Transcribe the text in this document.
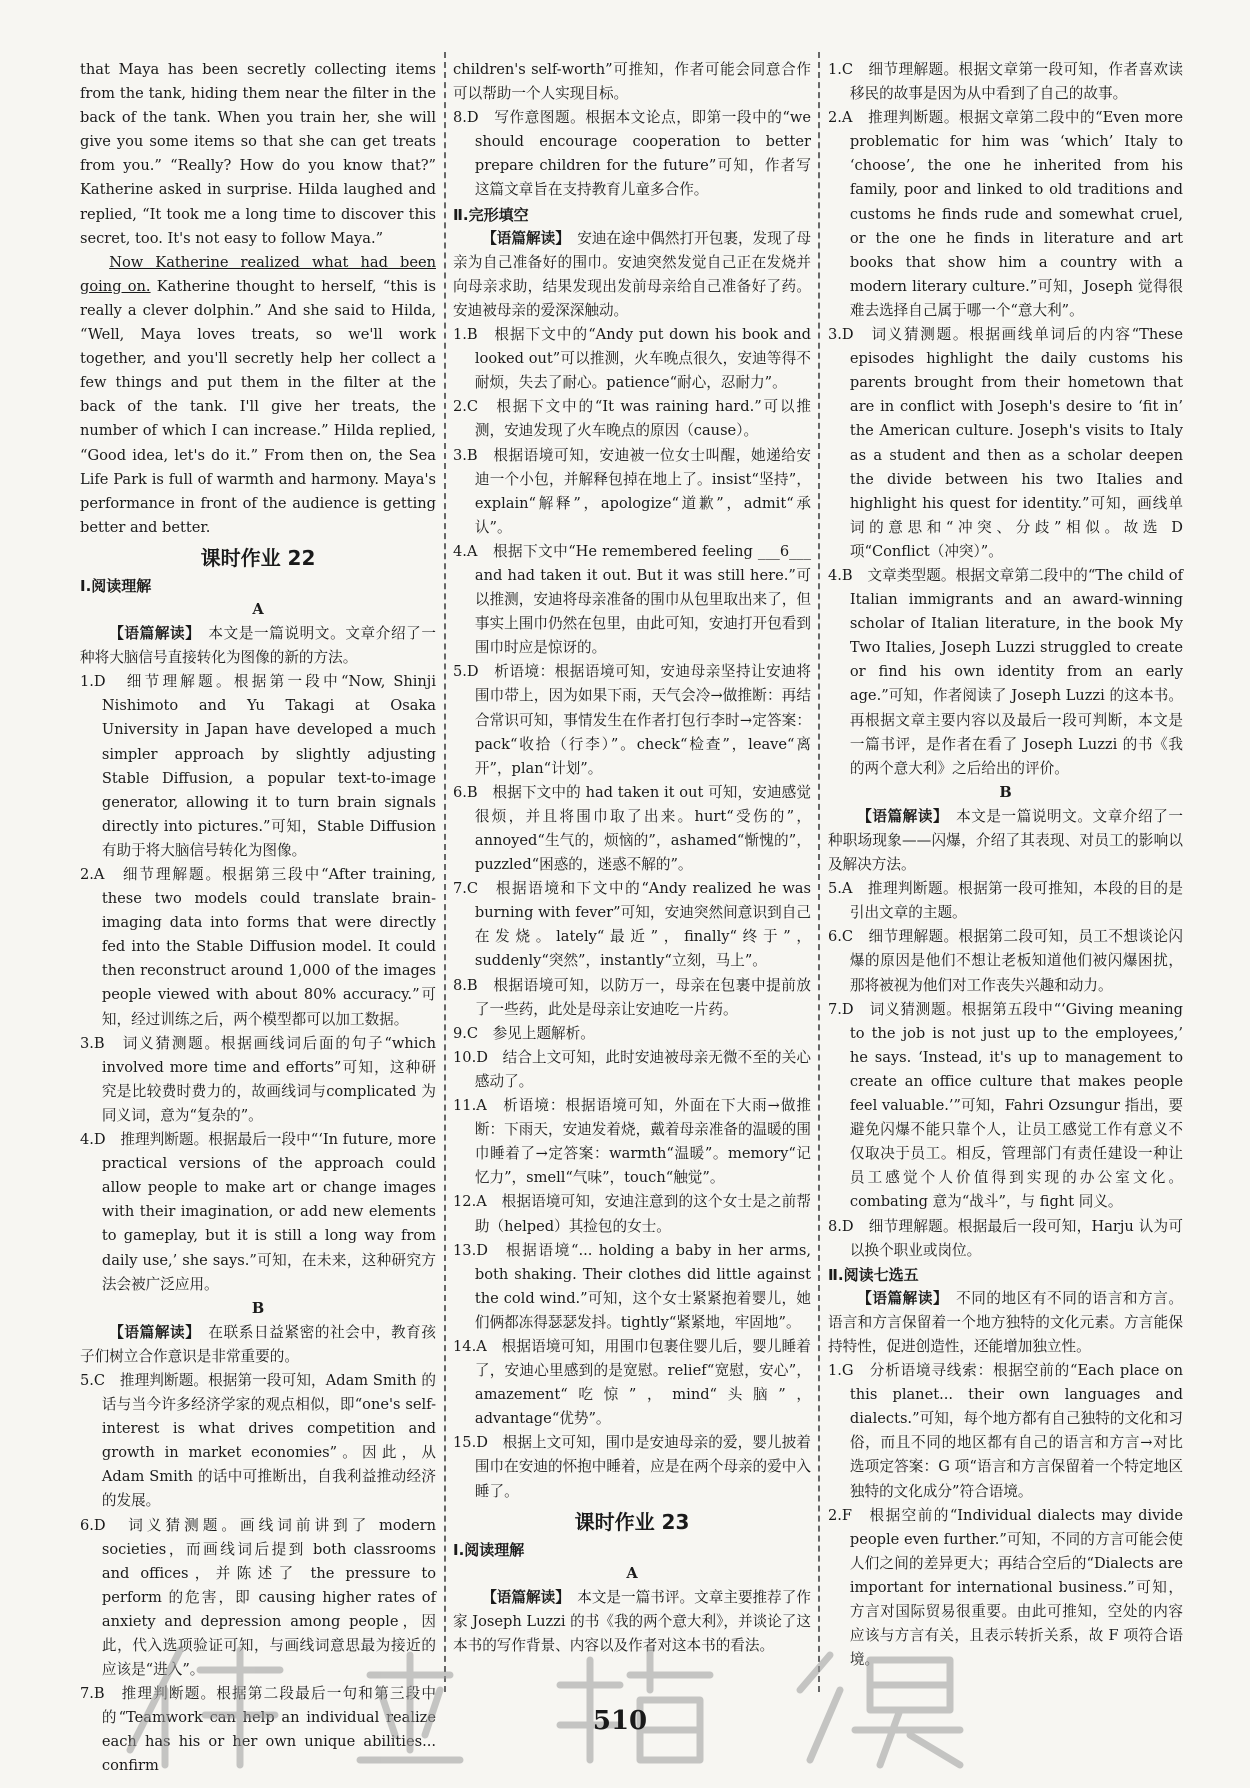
that Maya has been secretly collecting items from the tank, hiding them near the filter in the back of the tank. When you train her, she will give you some items so that she can get treats from you.” “Really? How do you know that?” Katherine asked in surprise. Hilda laughed and replied, “It took me a long time to discover this secret, too. It's not easy to follow Maya.”

Now Katherine realized what had been going on. Katherine thought to herself, “this is really a clever dolphin.” And she said to Hilda, “Well, Maya loves treats, so we'll work together, and you'll secretly help her collect a few things and put them in the filter at the back of the tank. I'll give her treats, the number of which I can increase.” Hilda replied, “Good idea, let's do it.” From then on, the Sea Life Park is full of warmth and harmony. Maya's performance in front of the audience is getting better and better.

课时作业 22

Ⅰ.阅读理解

A

【语篇解读】　 本文是一篇说明文。文章介绍了一种将大脑信号直接转化为图像的新的方法。

1.D　细节理解题。根据第一段中“Now, Shinji Nishimoto and Yu Takagi at Osaka University in Japan have developed a much simpler approach by slightly adjusting Stable Diffusion, a popular text-to-image generator, allowing it to turn brain signals directly into pictures.”可知，Stable Diffusion 有助于将大脑信号转化为图像。

2.A　细节理解题。根据第三段中“After training, these two models could translate brain-imaging data into forms that were directly fed into the Stable Diffusion model. It could then reconstruct around 1,000 of the images people viewed with about 80% accuracy.”可知，经过训练之后，两个模型都可以加工数据。

3.B　词义猜测题。根据画线词后面的句子“which involved more time and efforts”可知，这种研究是比较费时费力的，故画线词与complicated 为同义词，意为“复杂的”。

4.D　推理判断题。根据最后一段中“‘In future, more practical versions of the approach could allow people to make art or change images with their imagination, or add new elements to gameplay, but it is still a long way from daily use,’ she says.”可知，在未来，这种研究方法会被广泛应用。

B

【语篇解读】　 在联系日益紧密的社会中，教育孩子们树立合作意识是非常重要的。

5.C　推理判断题。根据第一段可知，Adam Smith 的话与当今许多经济学家的观点相似，即“one's self-interest is what drives competition and growth in market economies”。因此，从 Adam Smith 的话中可推断出，自我利益推动经济的发展。

6.D　词义猜测题。画线词前讲到了 modern societies，而画线词后提到 both classrooms and offices，并陈述了 the pressure to perform 的危害，即 causing higher rates of anxiety and depression among people，因此，代入选项验证可知，与画线词意思最为接近的应该是“进入”。

7.B　推理判断题。根据第二段最后一句和第三段中的“Teamwork can help an individual realize each has his or her own unique abilities... confirm

children's self-worth”可推知，作者可能会同意合作可以帮助一个人实现目标。

8.D　写作意图题。根据本文论点，即第一段中的“we should encourage cooperation to better prepare children for the future”可知，作者写这篇文章旨在支持教育儿童多合作。

Ⅱ.完形填空

【语篇解读】　 安迪在途中偶然打开包裹，发现了母亲为自己准备好的围巾。安迪突然发觉自己正在发烧并向母亲求助，结果发现出发前母亲给自己准备好了药。安迪被母亲的爱深深触动。

1.B　根据下文中的“Andy put down his book and looked out”可以推测，火车晚点很久，安迪等得不耐烦，失去了耐心。patience“耐心，忍耐力”。

2.C　根据下文中的“It was raining hard.”可以推测，安迪发现了火车晚点的原因（cause）。

3.B　根据语境可知，安迪被一位女士叫醒，她递给安迪一个小包，并解释包掉在地上了。insist“坚持”，explain“解释”，apologize“道歉”，admit“承认”。

4.A　根据下文中“He remembered feeling ___6___ and had taken it out. But it was still here.”可以推测，安迪将母亲准备的围巾从包里取出来了，但事实上围巾仍然在包里，由此可知，安迪打开包看到围巾时应是惊讶的。

5.D　析语境：根据语境可知，安迪母亲坚持让安迪将围巾带上，因为如果下雨，天气会冷→做推断：再结合常识可知，事情发生在作者打包行李时→定答案：pack“收拾（行李）”。check“检查”，leave“离开”，plan“计划”。

6.B　根据下文中的 had taken it out 可知，安迪感觉很烦，并且将围巾取了出来。hurt“受伤的”，annoyed“生气的，烦恼的”，ashamed“惭愧的”，puzzled“困惑的，迷惑不解的”。

7.C　根据语境和下文中的“Andy realized he was burning with fever”可知，安迪突然间意识到自己在发烧。lately“最近”，finally“终于”，suddenly“突然”，instantly“立刻，马上”。

8.B　根据语境可知，以防万一，母亲在包裹中提前放了一些药，此处是母亲让安迪吃一片药。

9.C　参见上题解析。

10.D　结合上文可知，此时安迪被母亲无微不至的关心感动了。

11.A　析语境：根据语境可知，外面在下大雨→做推断：下雨天，安迪发着烧，戴着母亲准备的温暖的围巾睡着了→定答案：warmth“温暖”。memory“记忆力”，smell“气味”，touch“触觉”。

12.A　根据语境可知，安迪注意到的这个女士是之前帮助（helped）其捡包的女士。

13.D　根据语境“... holding a baby in her arms, both shaking. Their clothes did little against the cold wind.”可知，这个女士紧紧抱着婴儿，她们俩都冻得瑟瑟发抖。tightly“紧紧地，牢固地”。

14.A　根据语境可知，用围巾包裹住婴儿后，婴儿睡着了，安迪心里感到的是宽慰。relief“宽慰，安心”，amazement“吃惊”，mind“头脑”，advantage“优势”。

15.D　根据上文可知，围巾是安迪母亲的爱，婴儿披着围巾在安迪的怀抱中睡着，应是在两个母亲的爱中入睡了。

课时作业 23

Ⅰ.阅读理解

A

【语篇解读】　 本文是一篇书评。文章主要推荐了作家 Joseph Luzzi 的书《我的两个意大利》，并谈论了这本书的写作背景、内容以及作者对这本书的看法。

1.C　细节理解题。根据文章第一段可知，作者喜欢读移民的故事是因为从中看到了自己的故事。

2.A　推理判断题。根据文章第二段中的“Even more problematic for him was ‘which’ Italy to ‘choose’, the one he inherited from his family, poor and linked to old traditions and customs he finds rude and somewhat cruel, or the one he finds in literature and art books that show him a country with a modern literary culture.”可知，Joseph 觉得很难去选择自己属于哪一个“意大利”。

3.D　词义猜测题。根据画线单词后的内容“These episodes highlight the daily customs his parents brought from their hometown that are in conflict with Joseph's desire to ‘fit in’ the American culture. Joseph's visits to Italy as a student and then as a scholar deepen the divide between his two Italies and highlight his quest for identity.”可知，画线单词的意思和“冲突、分歧”相似。故选 D 项“Conflict（冲突）”。

4.B　文章类型题。根据文章第二段中的“The child of Italian immigrants and an award-winning scholar of Italian literature, in the book My Two Italies, Joseph Luzzi struggled to create or find his own identity from an early age.”可知，作者阅读了 Joseph Luzzi 的这本书。再根据文章主要内容以及最后一段可判断，本文是一篇书评，是作者在看了 Joseph Luzzi 的书《我的两个意大利》之后给出的评价。

B

【语篇解读】　 本文是一篇说明文。文章介绍了一种职场现象——闪爆，介绍了其表现、对员工的影响以及解决方法。

5.A　推理判断题。根据第一段可推知，本段的目的是引出文章的主题。

6.C　细节理解题。根据第二段可知，员工不想谈论闪爆的原因是他们不想让老板知道他们被闪爆困扰，那将被视为他们对工作丧失兴趣和动力。

7.D　词义猜测题。根据第五段中“‘Giving meaning to the job is not just up to the employees,’ he says. ‘Instead, it's up to management to create an office culture that makes people feel valuable.’”可知，Fahri Ozsungur 指出，要避免闪爆不能只靠个人，让员工感觉工作有意义不仅取决于员工。相反，管理部门有责任建设一种让员工感觉个人价值得到实现的办公室文化。combating 意为“战斗”，与 fight 同义。

8.D　细节理解题。根据最后一段可知，Harju 认为可以换个职业或岗位。

Ⅱ.阅读七选五

【语篇解读】　 不同的地区有不同的语言和方言。语言和方言保留着一个地方独特的文化元素。方言能保持特性，促进创造性，还能增加独立性。

1.G　分析语境寻线索：根据空前的“Each place on this planet... their own languages and dialects.”可知，每个地方都有自己独特的文化和习俗，而且不同的地区都有自己的语言和方言→对比选项定答案：G 项“语言和方言保留着一个特定地区独特的文化成分”符合语境。

2.F　根据空前的“Individual dialects may divide people even further.”可知，不同的方言可能会使人们之间的差异更大；再结合空后的“Dialects are important for international business.”可知，方言对国际贸易很重要。由此可推知，空处的内容应该与方言有关，且表示转折关系，故 F 项符合语境。

510
